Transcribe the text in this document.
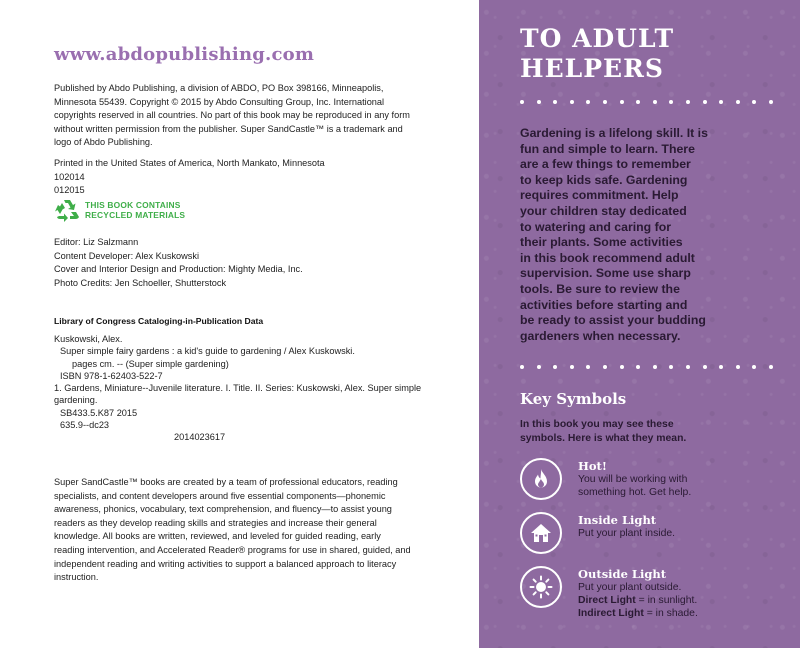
www.abdopublishing.com
Published by Abdo Publishing, a division of ABDO, PO Box 398166, Minneapolis,
Minnesota 55439. Copyright © 2015 by Abdo Consulting Group, Inc. International
copyrights reserved in all countries. No part of this book may be reproduced in any form
without written permission from the publisher. Super SandCastle™ is a trademark and
logo of Abdo Publishing.
Printed in the United States of America, North Mankato, Minnesota
102014
012015
THIS BOOK CONTAINS
RECYCLED MATERIALS
Editor: Liz Salzmann
Content Developer: Alex Kuskowski
Cover and Interior Design and Production: Mighty Media, Inc.
Photo Credits: Jen Schoeller, Shutterstock
Library of Congress Cataloging-in-Publication Data
Kuskowski, Alex.
Super simple fairy gardens : a kid's guide to gardening / Alex Kuskowski.
pages cm. -- (Super simple gardening)
ISBN 978-1-62403-522-7
1. Gardens, Miniature--Juvenile literature. I. Title. II. Series: Kuskowski, Alex. Super simple gardening.
SB433.5.K87 2015
635.9--dc23
2014023617
Super SandCastle™ books are created by a team of professional educators, reading
specialists, and content developers around five essential components—phonemic
awareness, phonics, vocabulary, text comprehension, and fluency—to assist young
readers as they develop reading skills and strategies and increase their general
knowledge. All books are written, reviewed, and leveled for guided reading, early
reading intervention, and Accelerated Reader® programs for use in shared, guided, and
independent reading and writing activities to support a balanced approach to literacy
instruction.
TO ADULT
HELPERS
Gardening is a lifelong skill. It is
fun and simple to learn. There
are a few things to remember
to keep kids safe. Gardening
requires commitment. Help
your children stay dedicated
to watering and caring for
their plants. Some activities
in this book recommend adult
supervision. Some use sharp
tools. Be sure to review the
activities before starting and
be ready to assist your budding
gardeners when necessary.
Key Symbols
In this book you may see these
symbols. Here is what they mean.
Hot!
You will be working with
something hot. Get help.
Inside Light
Put your plant inside.
Outside Light
Put your plant outside.
Direct Light = in sunlight.
Indirect Light = in shade.
